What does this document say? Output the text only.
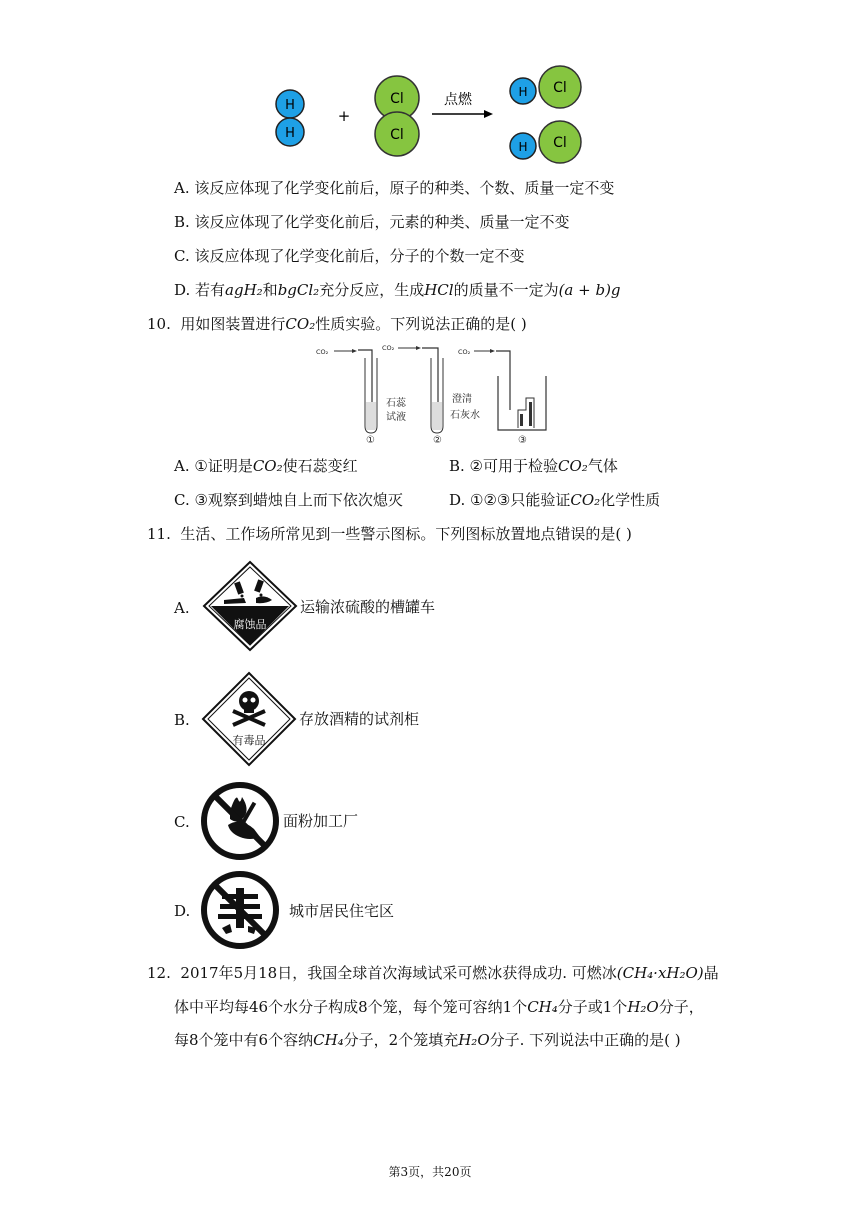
H
H
+
Cl
Cl
点燃
Cl
H
Cl
H
A. 该反应体现了化学变化前后，原子的种类、个数、质量一定不变
B. 该反应体现了化学变化前后，元素的种类、质量一定不变
C. 该反应体现了化学变化前后，分子的个数一定不变
D. 若有agH₂和bgCl₂充分反应，生成HCl的质量不一定为(a + b)g
10. 用如图装置进行CO₂性质实验。下列说法正确的是( )
CO₂
石蕊
试液
①
CO₂
澄清
石灰水
②
CO₂
③
A. ①证明是CO₂使石蕊变红	B. ②可用于检验CO₂气体
C. ③观察到蜡烛自上而下依次熄灭	D. ①②③只能验证CO₂化学性质
11. 生活、工作场所常见到一些警示图标。下列图标放置地点错误的是( )
A.
腐蚀品
运输浓硫酸的槽罐车
B.
有毒品
存放酒精的试剂柜
C.	面粉加工厂
D.	城市居民住宅区
12. 2017年5月18日，我国全球首次海域试采可燃冰获得成功. 可燃冰(CH₄·xH₂O)晶
体中平均每46个水分子构成8个笼，每个笼可容纳1个CH₄分子或1个H₂O分子，
每8个笼中有6个容纳CH₄分子，2个笼填充H₂O分子. 下列说法中正确的是( )
第3页，共20页
